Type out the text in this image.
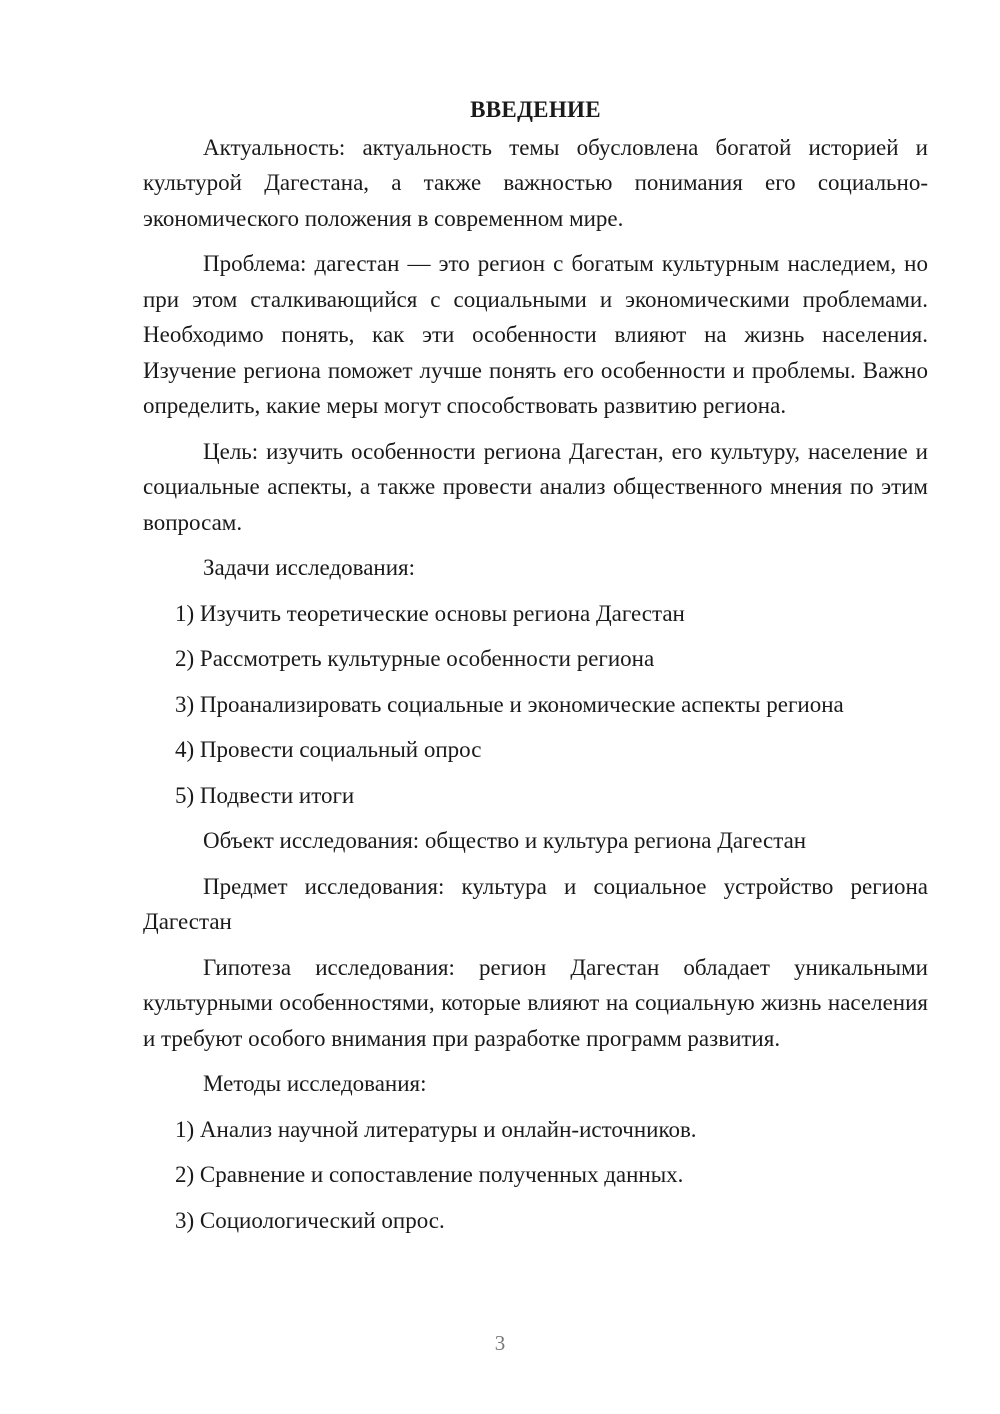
ВВЕДЕНИЕ

Актуальность: актуальность темы обусловлена богатой историей и культурой Дагестана, а также важностью понимания его социально-экономического положения в современном мире.

Проблема: дагестан — это регион с богатым культурным наследием, но при этом сталкивающийся с социальными и экономическими проблемами. Необходимо понять, как эти особенности влияют на жизнь населения. Изучение региона поможет лучше понять его особенности и проблемы. Важно определить, какие меры могут способствовать развитию региона.

Цель: изучить особенности региона Дагестан, его культуру, население и социальные аспекты, а также провести анализ общественного мнения по этим вопросам.

Задачи исследования:

1) Изучить теоретические основы региона Дагестан
2) Рассмотреть культурные особенности региона
3) Проанализировать социальные и экономические аспекты региона
4) Провести социальный опрос
5) Подвести итоги

Объект исследования: общество и культура региона Дагестан

Предмет исследования: культура и социальное устройство региона Дагестан

Гипотеза исследования: регион Дагестан обладает уникальными культурными особенностями, которые влияют на социальную жизнь населения и требуют особого внимания при разработке программ развития.

Методы исследования:

1) Анализ научной литературы и онлайн-источников.
2) Сравнение и сопоставление полученных данных.
3) Социологический опрос.
3
